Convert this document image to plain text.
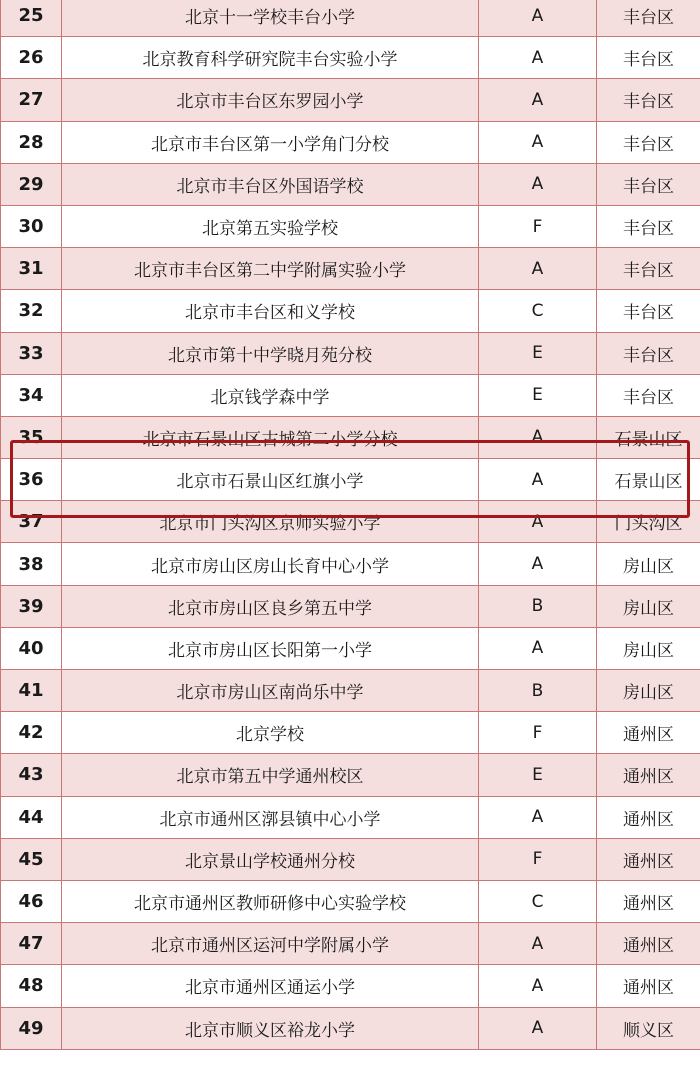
25	北京十一学校丰台小学	A	丰台区
26	北京教育科学研究院丰台实验小学	A	丰台区
27	北京市丰台区东罗园小学	A	丰台区
28	北京市丰台区第一小学角门分校	A	丰台区
29	北京市丰台区外国语学校	A	丰台区
30	北京第五实验学校	F	丰台区
31	北京市丰台区第二中学附属实验小学	A	丰台区
32	北京市丰台区和义学校	C	丰台区
33	北京市第十中学晓月苑分校	E	丰台区
34	北京钱学森中学	E	丰台区
35	北京市石景山区古城第二小学分校	A	石景山区
36	北京市石景山区红旗小学	A	石景山区
37	北京市门头沟区京师实验小学	A	门头沟区
38	北京市房山区房山长育中心小学	A	房山区
39	北京市房山区良乡第五中学	B	房山区
40	北京市房山区长阳第一小学	A	房山区
41	北京市房山区南尚乐中学	B	房山区
42	北京学校	F	通州区
43	北京市第五中学通州校区	E	通州区
44	北京市通州区漷县镇中心小学	A	通州区
45	北京景山学校通州分校	F	通州区
46	北京市通州区教师研修中心实验学校	C	通州区
47	北京市通州区运河中学附属小学	A	通州区
48	北京市通州区通运小学	A	通州区
49	北京市顺义区裕龙小学	A	顺义区
